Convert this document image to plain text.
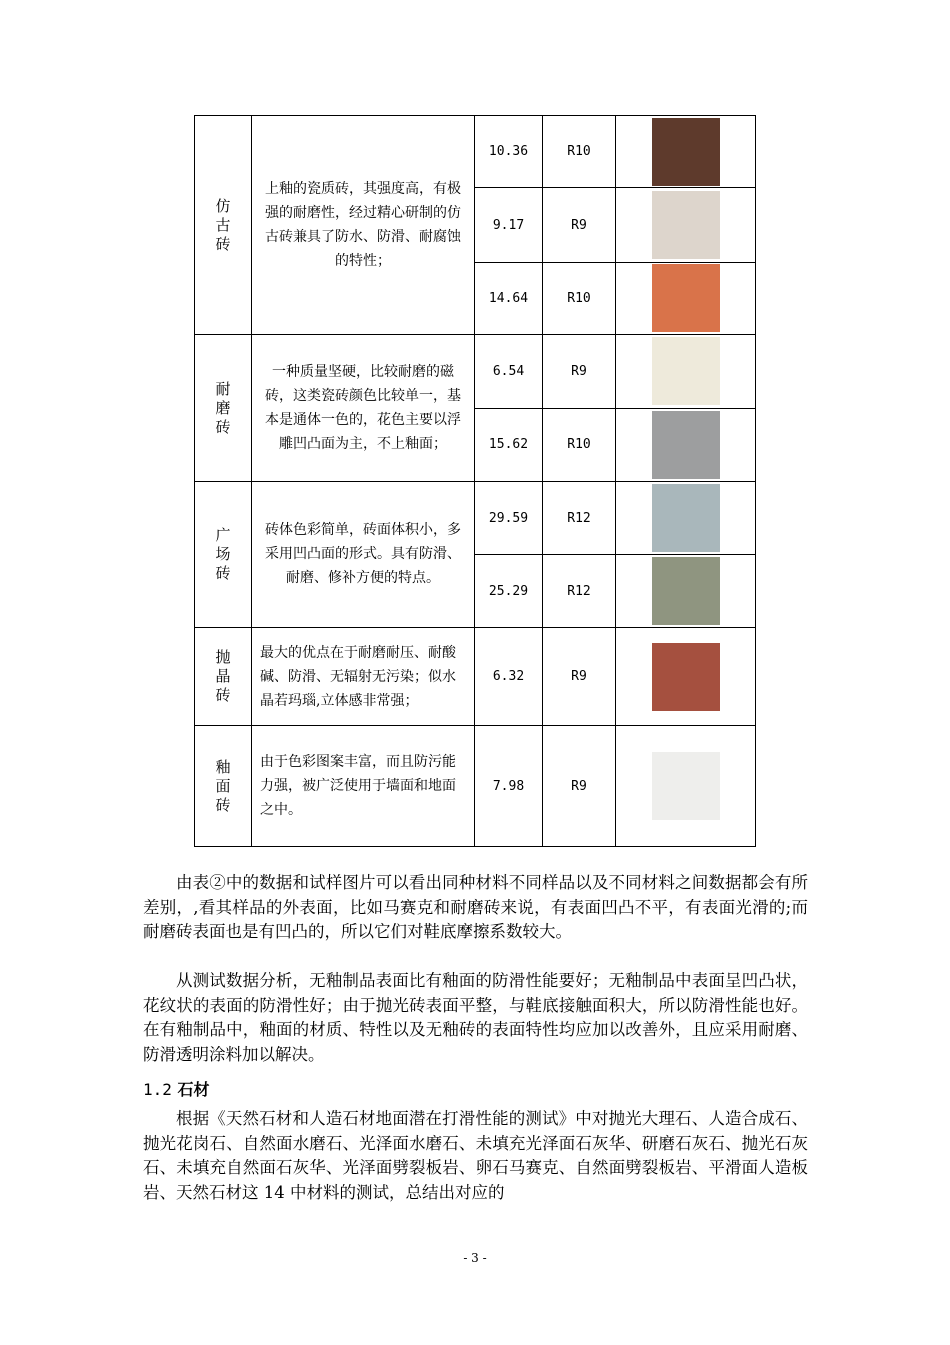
仿古砖	上釉的瓷质砖，其强度高，有极强的耐磨性，经过精心研制的仿古砖兼具了防水、防滑、耐腐蚀的特性；	10.36	R10	

		9.17	R9	

		14.64	R10	

耐磨砖	一种质量坚硬，比较耐磨的磁砖，这类瓷砖颜色比较单一，基本是通体一色的，花色主要以浮雕凹凸面为主，不上釉面；	6.54	R9	

		15.62	R10	

广场砖	砖体色彩简单，砖面体积小，多采用凹凸面的形式。具有防滑、耐磨、修补方便的特点。	29.59	R12	

		25.29	R12	

抛晶砖	最大的优点在于耐磨耐压、耐酸碱、防滑、无辐射无污染；似水晶若玛瑙,立体感非常强；	6.32	R9	

釉面砖	由于色彩图案丰富，而且防污能力强，被广泛使用于墙面和地面之中。	7.98	R9	

由表②中的数据和试样图片可以看出同种材料不同样品以及不同材料之间数据都会有所差别，,看其样品的外表面，比如马赛克和耐磨砖来说，有表面凹凸不平，有表面光滑的;而耐磨砖表面也是有凹凸的，所以它们对鞋底摩擦系数较大。

从测试数据分析，无釉制品表面比有釉面的防滑性能要好；无釉制品中表面呈凹凸状，花纹状的表面的防滑性好；由于抛光砖表面平整，与鞋底接触面积大，所以防滑性能也好。在有釉制品中，釉面的材质、特性以及无釉砖的表面特性均应加以改善外，且应采用耐磨、防滑透明涂料加以解决。

1.2 石材

根据《天然石材和人造石材地面潜在打滑性能的测试》中对抛光大理石、人造合成石、抛光花岗石、自然面水磨石、光泽面水磨石、未填充光泽面石灰华、研磨石灰石、抛光石灰石、未填充自然面石灰华、光泽面劈裂板岩、卵石马赛克、自然面劈裂板岩、平滑面人造板岩、天然石材这 14 中材料的测试，总结出对应的

- 3 -
